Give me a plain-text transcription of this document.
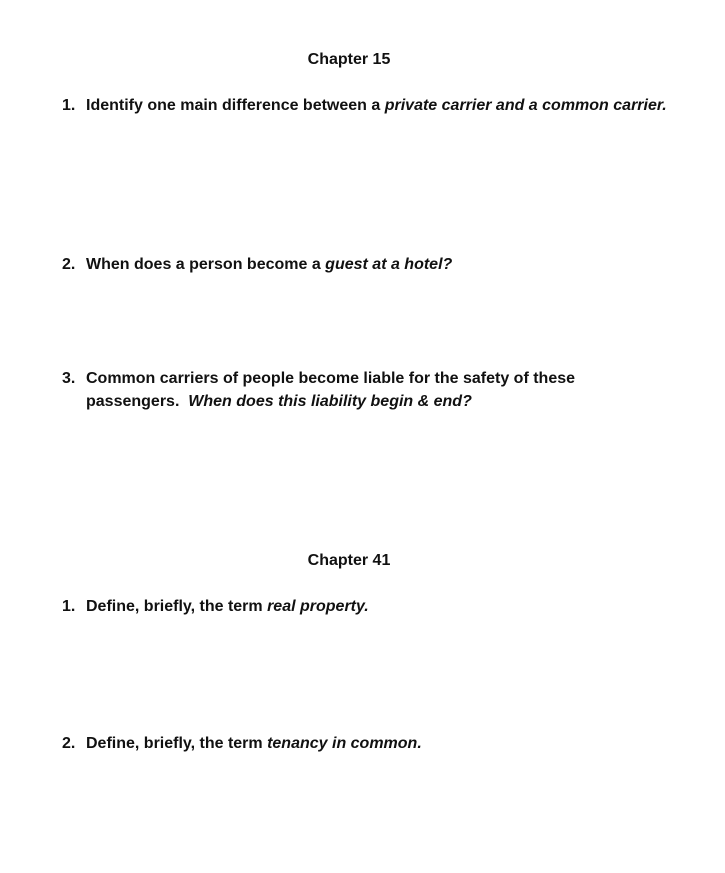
Chapter 15
1. Identify one main difference between a private carrier and a common carrier.
2. When does a person become a guest at a hotel?
3. Common carriers of people become liable for the safety of these passengers.  When does this liability begin & end?
Chapter 41
1. Define, briefly, the term real property.
2. Define, briefly, the term tenancy in common.
